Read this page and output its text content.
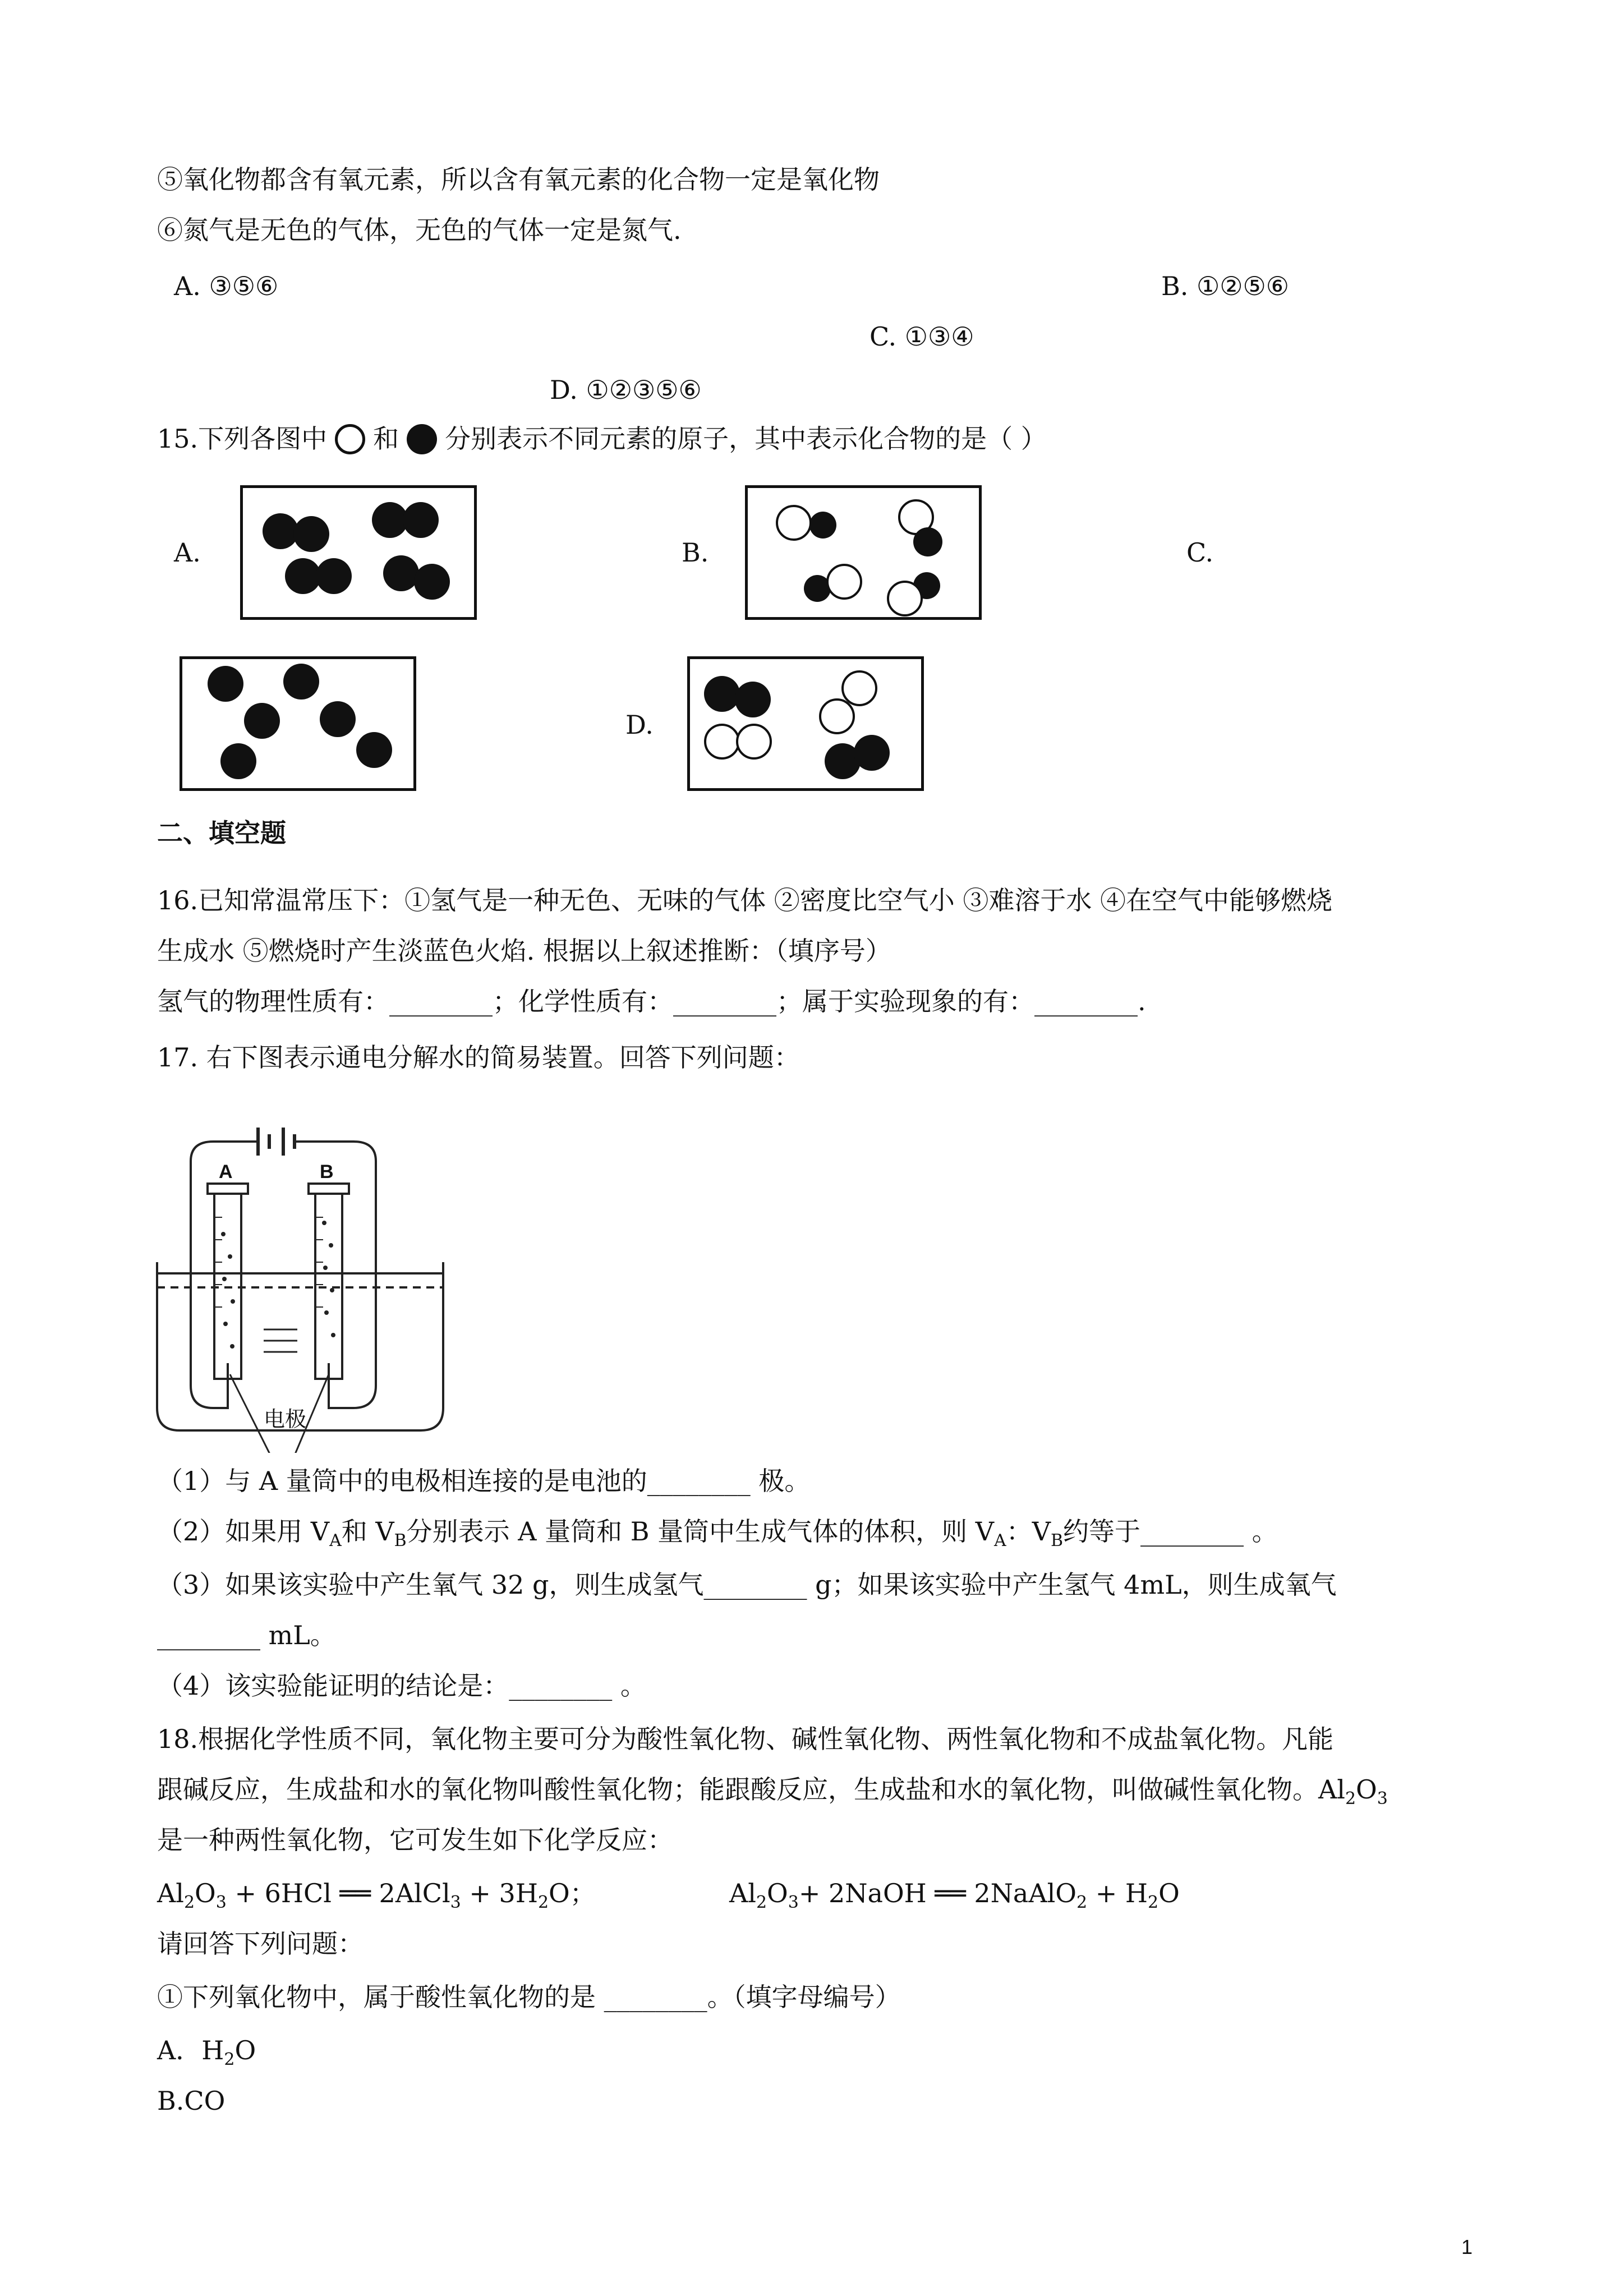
⑤氧化物都含有氧元素，所以含有氧元素的化合物一定是氧化物
⑥氮气是无色的气体，无色的气体一定是氮气.
A. ③⑤⑥	B. ①②⑤⑥
C. ①③④
D. ①②③⑤⑥
15.下列各图中 和 分别表示不同元素的原子，其中表示化合物的是（ ）
A.	B.	C.
D.
二、填空题
16.已知常温常压下：①氢气是一种无色、无味的气体 ②密度比空气小 ③难溶于水 ④在空气中能够燃烧
生成水 ⑤燃烧时产生淡蓝色火焰. 根据以上叙述推断：（填序号）
氢气的物理性质有：________；化学性质有：________；属于实验现象的有：________.
17. 右下图表示通电分解水的简易装置。回答下列问题：
A	B
电极
（1）与 A 量筒中的电极相连接的是电池的________ 极。
（2）如果用 $V_A$和 $V_B$分别表示 A 量筒和 B 量筒中生成气体的体积，则 $V_A$：$V_B$约等于________ 。
（3）如果该实验中产生氧气 32 g，则生成氢气________ g；如果该实验中产生氢气 4mL，则生成氧气
________ mL。
（4）该实验能证明的结论是：________ 。
18.根据化学性质不同，氧化物主要可分为酸性氧化物、碱性氧化物、两性氧化物和不成盐氧化物。凡能
跟碱反应，生成盐和水的氧化物叫酸性氧化物；能跟酸反应，生成盐和水的氧化物，叫做碱性氧化物。$Al_2O_3$
是一种两性氧化物，它可发生如下化学反应：
$Al_2O_3 + 6HCl$ ══ 2AlCl$_3$ + $3H_2O$；	$Al_2O_3+$ 2NaOH ══ 2NaAlO$_2$ + $H_2O$
请回答下列问题：
①下列氧化物中，属于酸性氧化物的是 ________。（填字母编号）
A．$H_2O$
B.CO
1
